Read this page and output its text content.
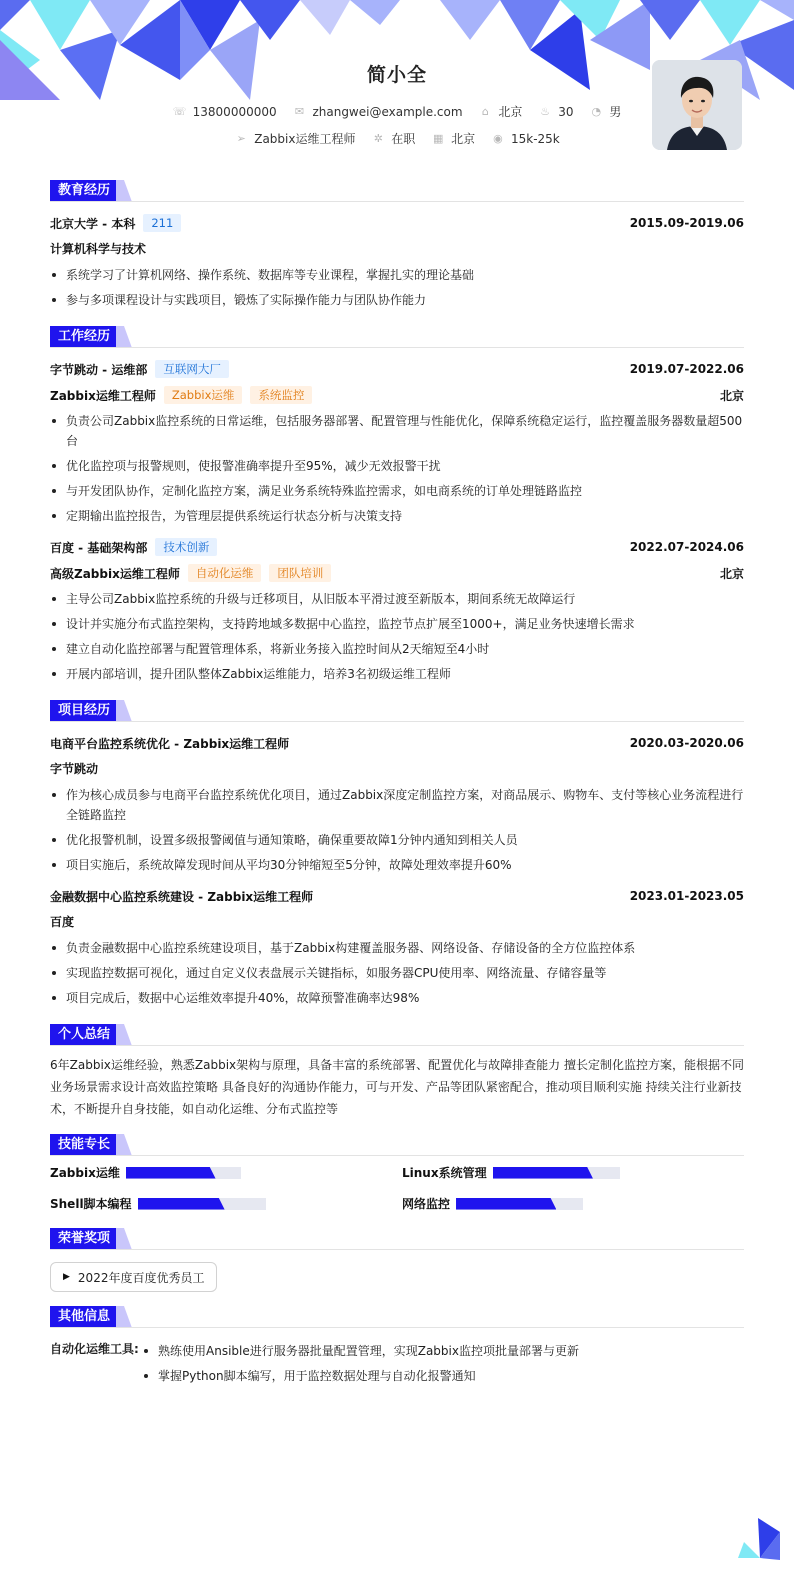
简小全
☏ 13800000000
✉ zhangwei@example.com
	⌂ 北京
♨ 30
◔ 男
➢ Zabbix运维工程师
✲ 在职
▦ 北京
◉ 15k-25k
教育经历
北京大学 - 本科	211	2015.09-2019.06
计算机科学与技术
系统学习了计算机网络、操作系统、数据库等专业课程，掌握扎实的理论基础
参与多项课程设计与实践项目，锻炼了实际操作能力与团队协作能力
工作经历
字节跳动 - 运维部	互联网大厂	2019.07-2022.06
Zabbix运维工程师	Zabbix运维	系统监控	北京
负责公司Zabbix监控系统的日常运维，包括服务器部署、配置管理与性能优化，保障系统稳定运行，监控覆盖服务器数量超500台
优化监控项与报警规则，使报警准确率提升至95%，减少无效报警干扰
与开发团队协作，定制化监控方案，满足业务系统特殊监控需求，如电商系统的订单处理链路监控
定期输出监控报告，为管理层提供系统运行状态分析与决策支持
百度 - 基础架构部	技术创新	2022.07-2024.06
高级Zabbix运维工程师	自动化运维	团队培训	北京
主导公司Zabbix监控系统的升级与迁移项目，从旧版本平滑过渡至新版本，期间系统无故障运行
设计并实施分布式监控架构，支持跨地域多数据中心监控，监控节点扩展至1000+，满足业务快速增长需求
建立自动化监控部署与配置管理体系，将新业务接入监控时间从2天缩短至4小时
开展内部培训，提升团队整体Zabbix运维能力，培养3名初级运维工程师
项目经历
电商平台监控系统优化 - Zabbix运维工程师	2020.03-2020.06
字节跳动
作为核心成员参与电商平台监控系统优化项目，通过Zabbix深度定制监控方案，对商品展示、购物车、支付等核心业务流程进行全链路监控
优化报警机制，设置多级报警阈值与通知策略，确保重要故障1分钟内通知到相关人员
项目实施后，系统故障发现时间从平均30分钟缩短至5分钟，故障处理效率提升60%
金融数据中心监控系统建设 - Zabbix运维工程师	2023.01-2023.05
百度
负责金融数据中心监控系统建设项目，基于Zabbix构建覆盖服务器、网络设备、存储设备的全方位监控体系
实现监控数据可视化，通过自定义仪表盘展示关键指标，如服务器CPU使用率、网络流量、存储容量等
项目完成后，数据中心运维效率提升40%，故障预警准确率达98%
个人总结
6年Zabbix运维经验，熟悉Zabbix架构与原理，具备丰富的系统部署、配置优化与故障排查能力 擅长定制化监控方案，能根据不同业务场景需求设计高效监控策略 具备良好的沟通协作能力，可与开发、产品等团队紧密配合，推动项目顺利实施 持续关注行业新技术，不断提升自身技能，如自动化运维、分布式监控等
技能专长
Zabbix运维	Linux系统管理
Shell脚本编程	网络监控
荣誉奖项
▶ 2022年度百度优秀员工
其他信息
自动化运维工具:	熟练使用Ansible进行服务器批量配置管理，实现Zabbix监控项批量部署与更新
掌握Python脚本编写，用于监控数据处理与自动化报警通知
